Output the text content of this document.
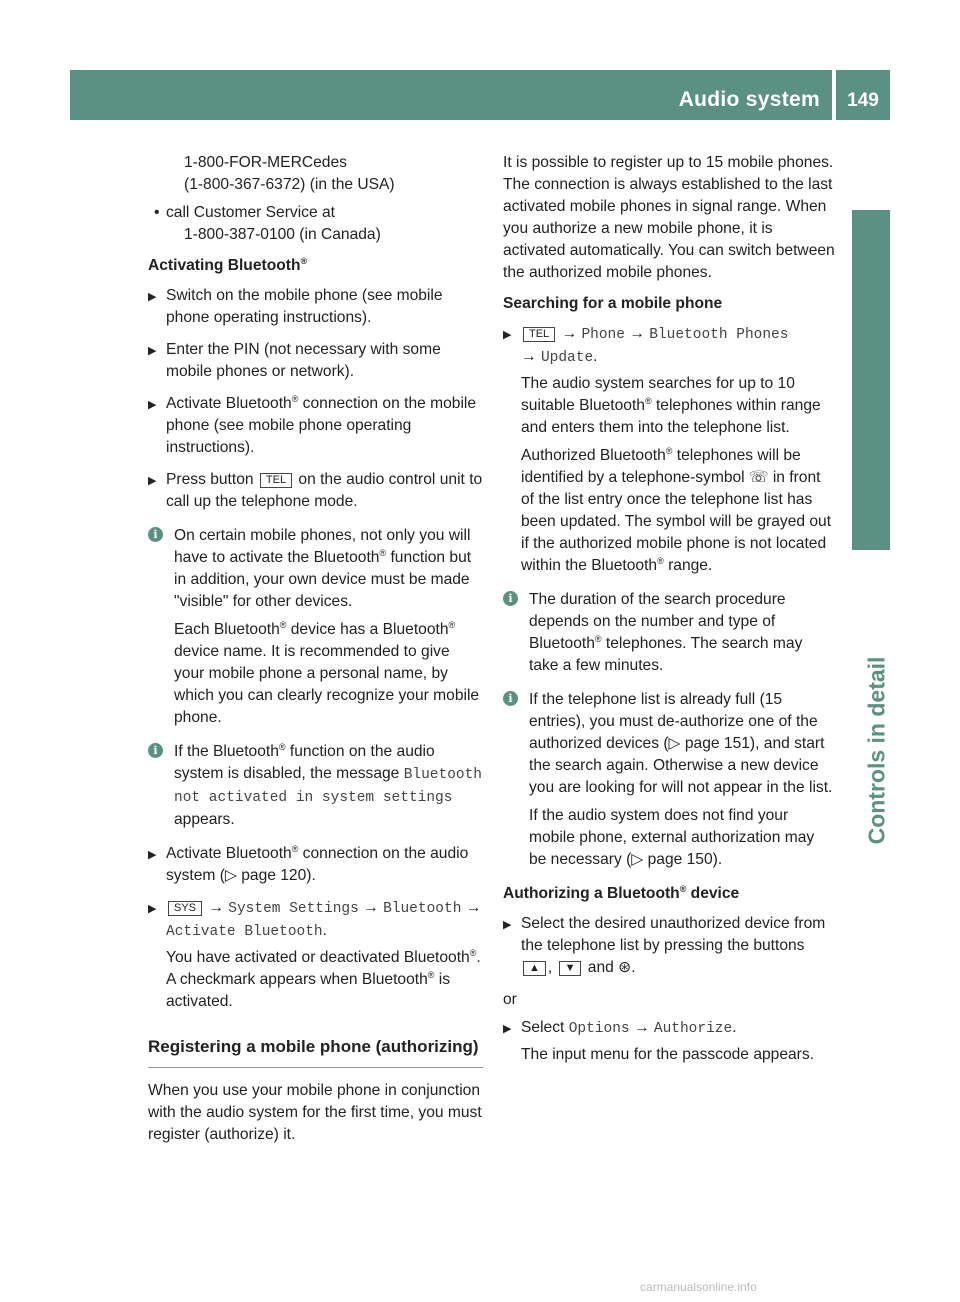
Audio system	149
Controls in detail

1-800-FOR-MERCedes
(1-800-367-6372) (in the USA)

• call Customer Service at
1-800-387-0100 (in Canada)

Activating Bluetooth®

▶ Switch on the mobile phone (see mobile phone operating instructions).
▶ Enter the PIN (not necessary with some mobile phones or network).
▶ Activate Bluetooth® connection on the mobile phone (see mobile phone operating instructions).
▶ Press button TEL on the audio control unit to call up the telephone mode.
i	On certain mobile phones, not only you will have to activate the Bluetooth® function but in addition, your own device must be made "visible" for other devices.

Each Bluetooth® device has a Bluetooth® device name. It is recommended to give your mobile phone a personal name, by which you can clearly recognize your mobile phone.

i	If the Bluetooth® function on the audio system is disabled, the message Bluetooth not activated in system settings appears.

▶ Activate Bluetooth® connection on the audio system (▷ page 120).
▶ SYS → System Settings → Bluetooth → Activate Bluetooth.

You have activated or deactivated Bluetooth®. A checkmark appears when Bluetooth® is activated.

Registering a mobile phone (authorizing)

When you use your mobile phone in conjunction with the audio system for the first time, you must register (authorize) it.

It is possible to register up to 15 mobile phones. The connection is always established to the last activated mobile phones in signal range. When you authorize a new mobile phone, it is activated automatically. You can switch between the authorized mobile phones.

Searching for a mobile phone

▶ TEL → Phone → Bluetooth Phones
→ Update.

The audio system searches for up to 10 suitable Bluetooth® telephones within range and enters them into the telephone list.

Authorized Bluetooth® telephones will be identified by a telephone-symbol ☏ in front of the list entry once the telephone list has been updated. The symbol will be grayed out if the authorized mobile phone is not located within the Bluetooth® range.

i	The duration of the search procedure depends on the number and type of Bluetooth® telephones. The search may take a few minutes.

i	If the telephone list is already full (15 entries), you must de-authorize one of the authorized devices (▷ page 151), and start the search again. Otherwise a new device you are looking for will not appear in the list.

If the audio system does not find your mobile phone, external authorization may be necessary (▷ page 150).

Authorizing a Bluetooth® device

▶ Select the desired unauthorized device from the telephone list by pressing the buttons ▲ , ▼ and ⊛.

or

▶ Select Options → Authorize.

The input menu for the passcode appears.

carmanualsonline.info
